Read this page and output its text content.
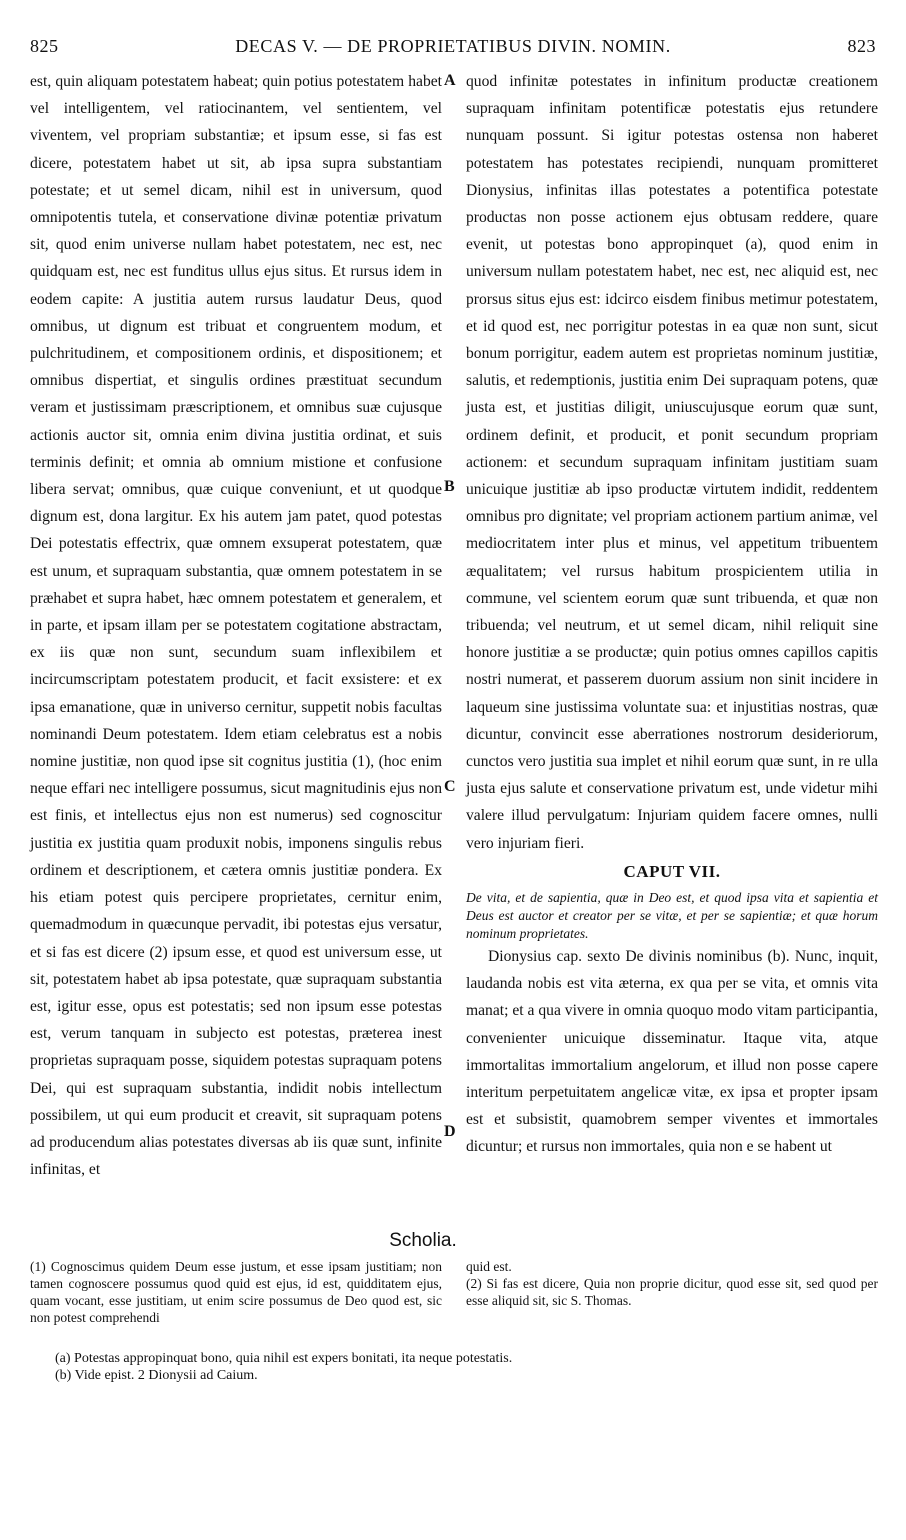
825	DECAS V. — DE PROPRIETATIBUS DIVIN. NOMIN.	823

est, quin aliquam potestatem habeat; quin potius potestatem habet vel intelligentem, vel ratiocinantem, vel sentientem, vel viventem, vel propriam substantiæ; et ipsum esse, si fas est dicere, potestatem habet ut sit, ab ipsa supra substantiam potestate; et ut semel dicam, nihil est in universum, quod omnipotentis tutela, et conservatione divinæ potentiæ privatum sit, quod enim universe nullam habet potestatem, nec est, nec quidquam est, nec est funditus ullus ejus situs. Et rursus idem in eodem capite: A justitia autem rursus laudatur Deus, quod omnibus, ut dignum est tribuat et congruentem modum, et pulchritudinem, et compositionem ordinis, et dispositionem; et omnibus dispertiat, et singulis ordines præstituat secundum veram et justissimam præscriptionem, et omnibus suæ cujusque actionis auctor sit, omnia enim divina justitia ordinat, et suis terminis definit; et omnia ab omnium mistione et confusione libera servat; omnibus, quæ cuique conveniunt, et ut quodque dignum est, dona largitur. Ex his autem jam patet, quod potestas Dei potestatis effectrix, quæ omnem exsuperat potestatem, quæ est unum, et supraquam substantia, quæ omnem potestatem in se præhabet et supra habet, hæc omnem potestatem et generalem, et in parte, et ipsam illam per se potestatem cogitatione abstractam, ex iis quæ non sunt, secundum suam inflexibilem et incircumscriptam potestatem producit, et facit exsistere: et ex ipsa emanatione, quæ in universo cernitur, suppetit nobis facultas nominandi Deum potestatem. Idem etiam celebratus est a nobis nomine justitiæ, non quod ipse sit cognitus justitia (1), (hoc enim neque effari nec intelligere possumus, sicut magnitudinis ejus non est finis, et intellectus ejus non est numerus) sed cognoscitur justitia ex justitia quam produxit nobis, imponens singulis rebus ordinem et descriptionem, et cætera omnis justitiæ pondera. Ex his etiam potest quis percipere proprietates, cernitur enim, quemadmodum in quæcunque pervadit, ibi potestas ejus versatur, et si fas est dicere (2) ipsum esse, et quod est universum esse, ut sit, potestatem habet ab ipsa potestate, quæ supraquam substantia est, igitur esse, opus est potestatis; sed non ipsum esse potestas est, verum tanquam in subjecto est potestas, præterea inest proprietas supraquam posse, siquidem potestas supraquam potens Dei, qui est supraquam substantia, indidit nobis intellectum possibilem, ut qui eum producit et creavit, sit supraquam potens ad producendum alias potestates diversas ab iis quæ sunt, infinite infinitas, et

A
B
C
D

quod infinitæ potestates in infinitum productæ creationem supraquam infinitam potentificæ potestatis ejus retundere nunquam possunt. Si igitur potestas ostensa non haberet potestatem has potestates recipiendi, nunquam promitteret Dionysius, infinitas illas potestates a potentifica potestate productas non posse actionem ejus obtusam reddere, quare evenit, ut potestas bono appropinquet (a), quod enim in universum nullam potestatem habet, nec est, nec aliquid est, nec prorsus situs ejus est: idcirco eisdem finibus metimur potestatem, et id quod est, nec porrigitur potestas in ea quæ non sunt, sicut bonum porrigitur, eadem autem est proprietas nominum justitiæ, salutis, et redemptionis, justitia enim Dei supraquam potens, quæ justa est, et justitias diligit, uniuscujusque eorum quæ sunt, ordinem definit, et producit, et ponit secundum propriam actionem: et secundum supraquam infinitam justitiam suam unicuique justitiæ ab ipso productæ virtutem indidit, reddentem omnibus pro dignitate; vel propriam actionem partium animæ, vel mediocritatem inter plus et minus, vel appetitum tribuentem æqualitatem; vel rursus habitum prospicientem utilia in commune, vel scientem eorum quæ sunt tribuenda, et quæ non tribuenda; vel neutrum, et ut semel dicam, nihil reliquit sine honore justitiæ a se productæ; quin potius omnes capillos capitis nostri numerat, et passerem duorum assium non sinit incidere in laqueum sine justissima voluntate sua: et injustitias nostras, quæ dicuntur, convincit esse aberrationes nostrorum desideriorum, cunctos vero justitia sua implet et nihil eorum quæ sunt, in re ulla justa ejus salute et conservatione privatum est, unde videtur mihi valere illud pervulgatum: Injuriam quidem facere omnes, nulli vero injuriam fieri.

CAPUT VII.

De vita, et de sapientia, quæ in Deo est, et quod ipsa vita et sapientia et Deus est auctor et creator per se vitæ, et per se sapientiæ; et quæ horum nominum proprietates.

Dionysius cap. sexto De divinis nominibus (b). Nunc, inquit, laudanda nobis est vita æterna, ex qua per se vita, et omnis vita manat; et a qua vivere in omnia quoquo modo vitam participantia, convenienter unicuique disseminatur. Itaque vita, atque immortalitas immortalium angelorum, et illud non posse capere interitum perpetuitatem angelicæ vitæ, ex ipsa et propter ipsam est et subsistit, quamobrem semper viventes et immortales dicuntur; et rursus non immortales, quia non e se habent ut

Scholia.

(1) Cognoscimus quidem Deum esse justum, et esse ipsam justitiam; non tamen cognoscere possumus quod quid est ejus, id est, quidditatem ejus, quam vocant, esse justitiam, ut enim scire possumus de Deo quod est, sic non potest comprehendi

quid est.

(2) Si fas est dicere, Quia non proprie dicitur, quod esse sit, sed quod per esse aliquid sit, sic S. Thomas.

(a) Potestas appropinquat bono, quia nihil est expers bonitati, ita neque potestatis.

(b) Vide epist. 2 Dionysii ad Caium.
